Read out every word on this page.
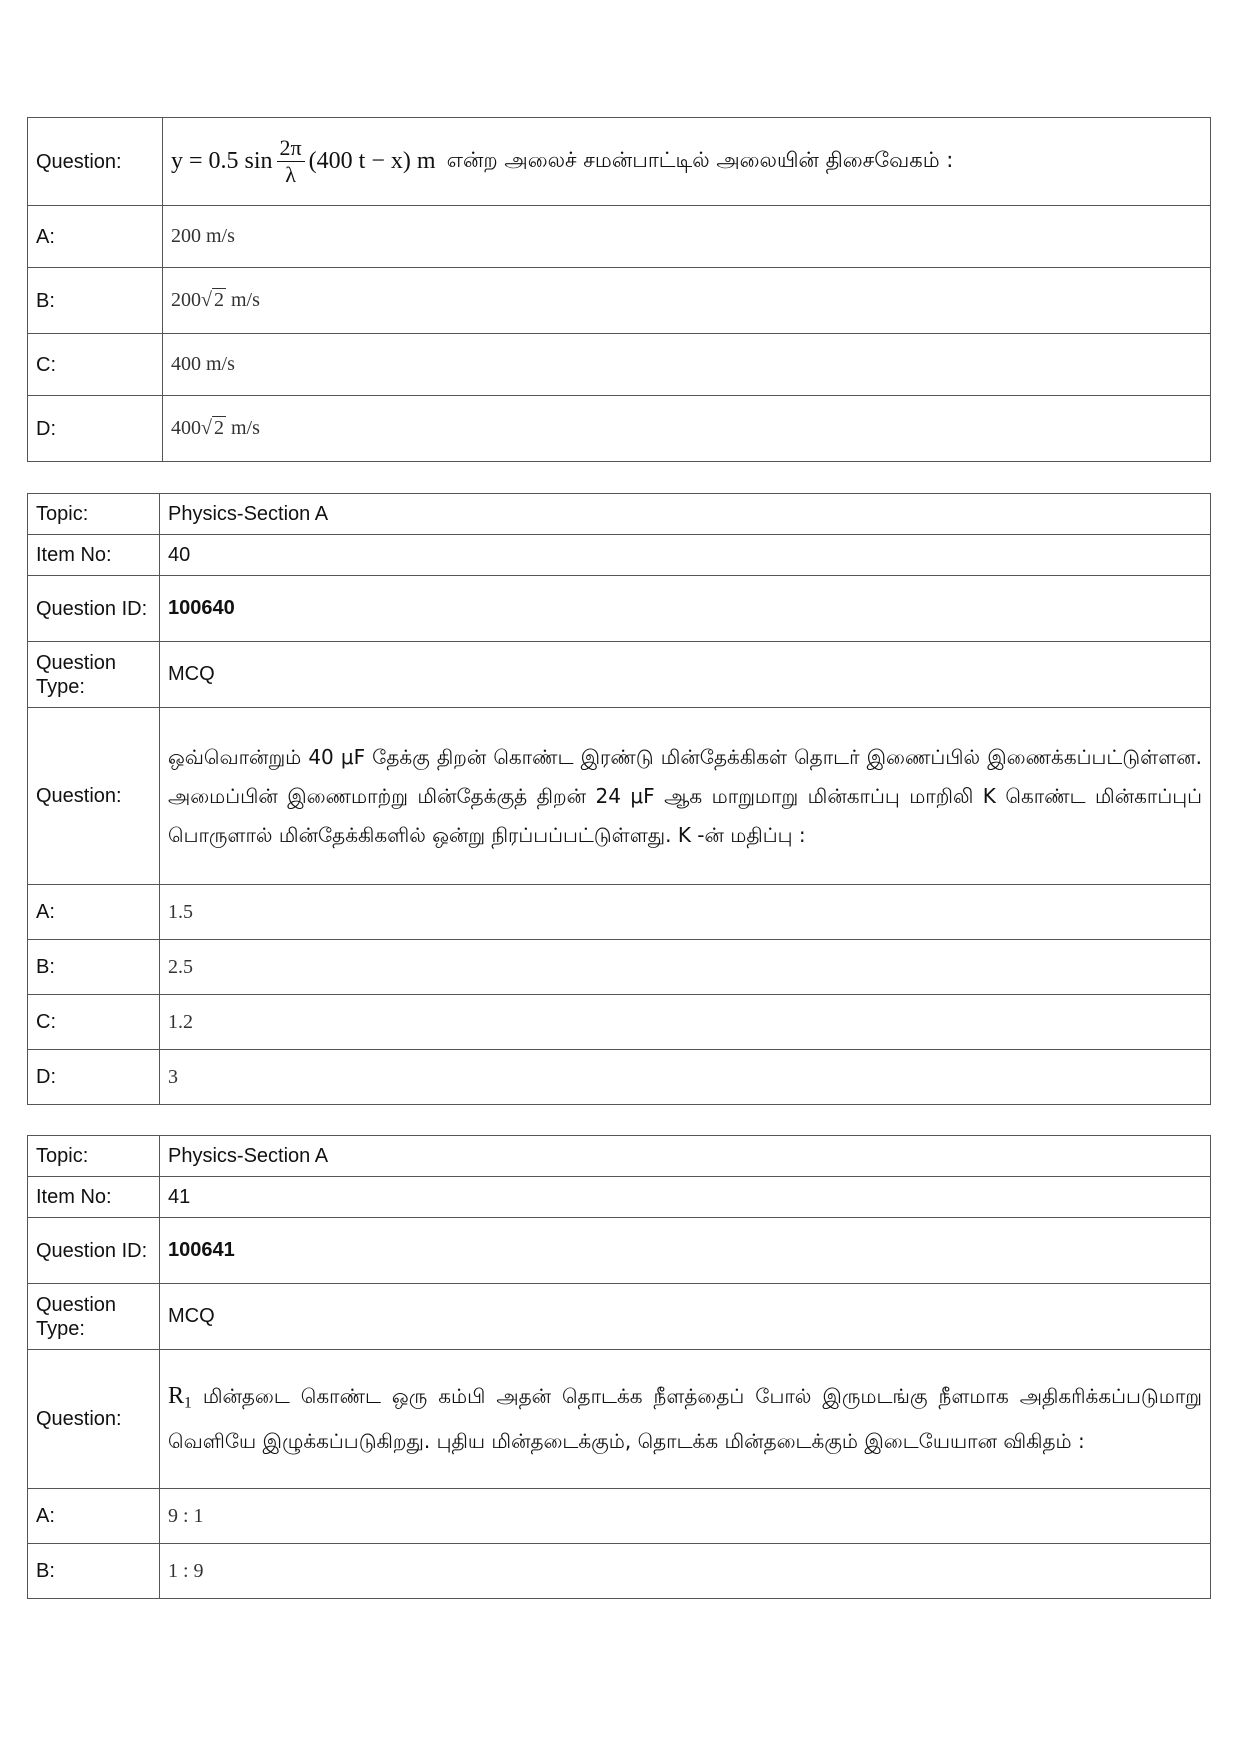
Question:	y = 0.5 $\sin \frac{2\pi}{\lambda} (400$ t − x) m என்ற அலைச் சமன்பாட்டில் அலையின் திசைவேகம் :
A:	200 m/s
B:	200√ 2 m/s
C:	400 m/s
D:	400√ 2 m/s
Topic:	Physics-Section A
Item No:	40
Question ID:	100640
Question Type:	MCQ
Question:	ஒவ்வொன்றும் 40 μF தேக்கு திறன் கொண்ட இரண்டு மின்தேக்கிகள் தொடர் இணைப்பில் இணைக்கப்பட்டுள்ளன. அமைப்பின் இணைமாற்று மின்தேக்குத் திறன் 24 μF ஆக மாறுமாறு மின்காப்பு மாறிலி K கொண்ட மின்காப்புப் பொருளால் மின்தேக்கிகளில் ஒன்று நிரப்பப்பட்டுள்ளது. K -ன் மதிப்பு :
A:	1.5
B:	2.5
C:	1.2
D:	3
Topic:	Physics-Section A
Item No:	41
Question ID:	100641
Question Type:	MCQ
Question:	$R_1$ மின்தடை கொண்ட ஒரு கம்பி அதன் தொடக்க நீளத்தைப் போல் இருமடங்கு நீளமாக அதிகரிக்கப்படுமாறு வெளியே இழுக்கப்படுகிறது. புதிய மின்தடைக்கும், தொடக்க மின்தடைக்கும் இடையேயான விகிதம் :
A:	9 : 1
B:	1 : 9
